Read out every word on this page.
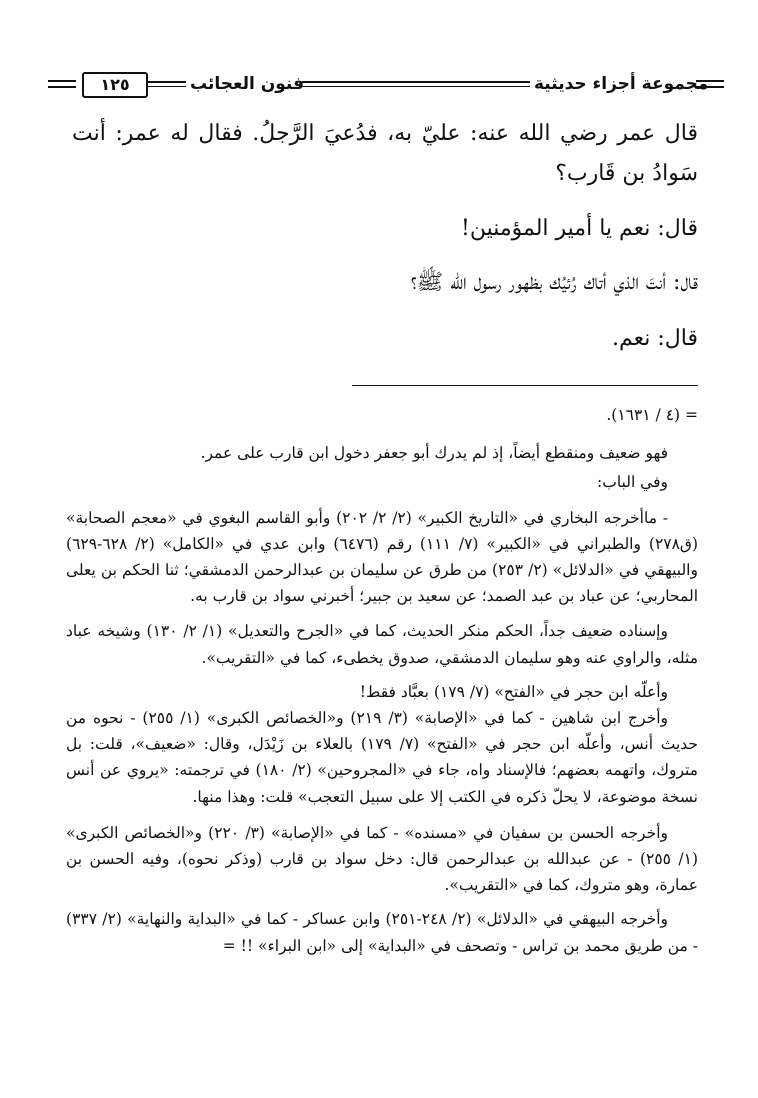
١٢٥	فنون العجائب	مجموعة أجزاء حديثية
قال عمر رضي الله عنه: عليّ به، فدُعيَ الرَّجلُ. فقال له عمر: أنت سَوادُ بن قَارب؟
قال: نعم يا أمير المؤمنين!
قال: أنتَ الذي أتاك رُئيُك بظهور رسول الله ﷺ؟
قال: نعم.

= (٤ / ١٦٣١).

فهو ضعيف ومنقطع أيضاً، إذ لم يدرك أبو جعفر دخول ابن قارب على عمر.

وفي الباب:

- ماأخرجه البخاري في «التاريخ الكبير» (٢/ ٢/ ٢٠٢) وأبو القاسم البغوي في «معجم الصحابة» (ق٢٧٨) والطبراني في «الكبير» (٧/ ١١١) رقم (٦٤٧٦) وابن عدي في «الكامل» (٢/ ٦٢٨-٦٢٩) والبيهقي في «الدلائل» (٢/ ٢٥٣) من طرق عن سليمان بن عبدالرحمن الدمشقي؛ ثنا الحكم بن يعلى المحاربي؛ عن عباد بن عبد الصمد؛ عن سعيد بن جبير؛ أخبرني سواد بن قارب به.

وإسناده ضعيف جداً، الحكم منكر الحديث، كما في «الجرح والتعديل» (١/ ٢/ ١٣٠) وشيخه عباد مثله، والراوي عنه وهو سليمان الدمشقي، صدوق يخطىء، كما في «التقريب».

وأعلّه ابن حجر في «الفتح» (٧/ ١٧٩) بعبَّاد فقط!

وأخرج ابن شاهين - كما في «الإصابة» (٣/ ٢١٩) و«الخصائص الكبرى» (١/ ٢٥٥) - نحوه من حديث أنس، وأعلّه ابن حجر في «الفتح» (٧/ ١٧٩) بالعلاء بن زَيْدَل، وقال: «ضعيف»، قلت: بل متروك، واتهمه بعضهم؛ فالإسناد واه، جاء في «المجروحين» (٢/ ١٨٠) في ترجمته: «يروي عن أنس نسخة موضوعة، لا يحلّ ذكره في الكتب إلا على سبيل التعجب» قلت: وهذا منها.

وأخرجه الحسن بن سفيان في «مسنده» - كما في «الإصابة» (٣/ ٢٢٠) و«الخصائص الكبرى» (١/ ٢٥٥) - عن عبدالله بن عبدالرحمن قال: دخل سواد بن قارب (وذكر نحوه)، وفيه الحسن بن عمارة، وهو متروك، كما في «التقريب».

وأخرجه البيهقي في «الدلائل» (٢/ ٢٤٨-٢٥١) وابن عساكر - كما في «البداية والنهاية» (٢/ ٣٣٧) - من طريق محمد بن تراس - وتصحف في «البداية» إلى «ابن البراء» !! =
